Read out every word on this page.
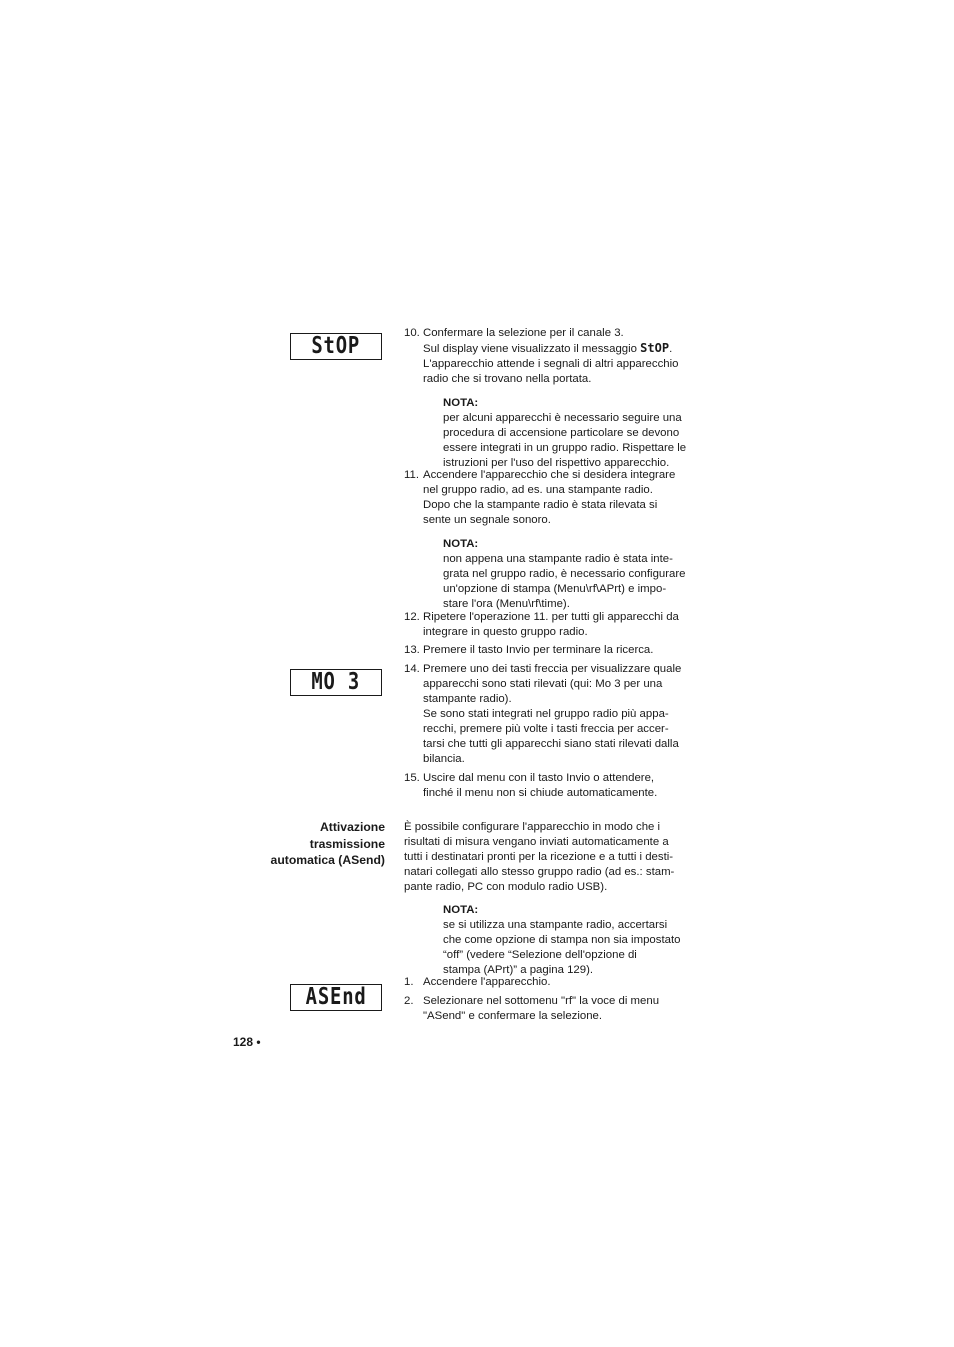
StOP
MO 3
ASEnd
10. Confermare la selezione per il canale 3.

Sul display viene visualizzato il messaggio StOP.

L'apparecchio attende i segnali di altri apparecchio

radio che si trovano nella portata.

NOTA:

per alcuni apparecchi è necessario seguire una

procedura di accensione particolare se devono

essere integrati in un gruppo radio. Rispettare le

istruzioni per l'uso del rispettivo apparecchio.

11. Accendere l'apparecchio che si desidera integrare

nel gruppo radio, ad es. una stampante radio.

Dopo che la stampante radio è stata rilevata si

sente un segnale sonoro.

NOTA:

non appena una stampante radio è stata inte-

grata nel gruppo radio, è necessario configurare

un'opzione di stampa (Menu\rf\APrt) e impo-

stare l'ora (Menu\rf\time).

12. Ripetere l'operazione 11. per tutti gli apparecchi da

integrare in questo gruppo radio.

13. Premere il tasto Invio per terminare la ricerca.

14. Premere uno dei tasti freccia per visualizzare quale

apparecchi sono stati rilevati (qui: Mo 3 per una

stampante radio).

Se sono stati integrati nel gruppo radio più appa-

recchi, premere più volte i tasti freccia per accer-

tarsi che tutti gli apparecchi siano stati rilevati dalla

bilancia.

15. Uscire dal menu con il tasto Invio o attendere,

finché il menu non si chiude automaticamente.

Attivazione

trasmissione

automatica (ASend)

È possibile configurare l'apparecchio in modo che i

risultati di misura vengano inviati automaticamente a

tutti i destinatari pronti per la ricezione e a tutti i desti-

natari collegati allo stesso gruppo radio (ad es.: stam-

pante radio, PC con modulo radio USB).

NOTA:

se si utilizza una stampante radio, accertarsi

che come opzione di stampa non sia impostato

“off” (vedere “Selezione dell'opzione di

stampa (APrt)” a pagina 129).

1. Accendere l'apparecchio.

2. Selezionare nel sottomenu "rf" la voce di menu

"ASend" e confermare la selezione.

128 •
